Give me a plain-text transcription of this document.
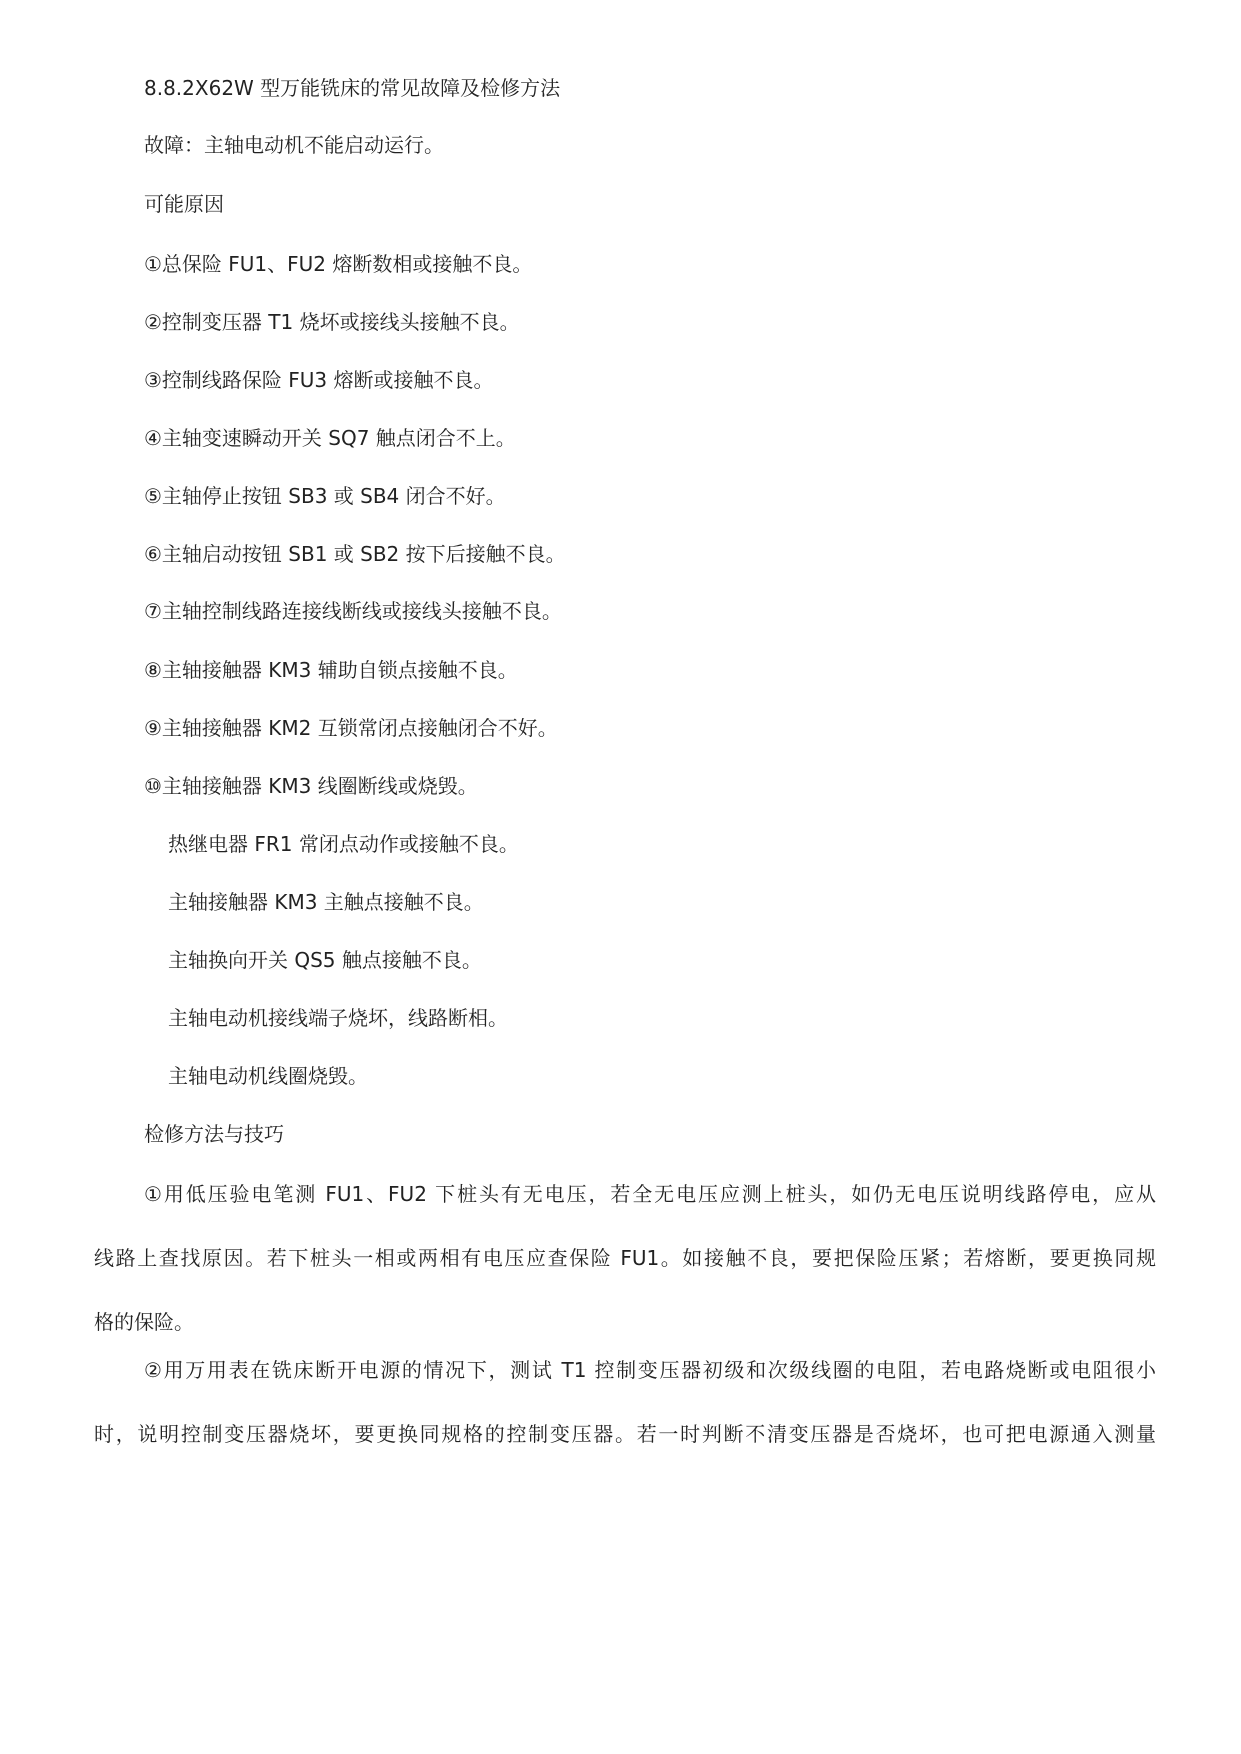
8.8.2X62W 型万能铣床的常见故障及检修方法
故障：主轴电动机不能启动运行。
可能原因
①总保险 FU1、FU2 熔断数相或接触不良。
②控制变压器 T1 烧坏或接线头接触不良。
③控制线路保险 FU3 熔断或接触不良。
④主轴变速瞬动开关 SQ7 触点闭合不上。
⑤主轴停止按钮 SB3 或 SB4 闭合不好。
⑥主轴启动按钮 SB1 或 SB2 按下后接触不良。
⑦主轴控制线路连接线断线或接线头接触不良。
⑧主轴接触器 KM3 辅助自锁点接触不良。
⑨主轴接触器 KM2 互锁常闭点接触闭合不好。
⑩主轴接触器 KM3 线圈断线或烧毁。
热继电器 FR1 常闭点动作或接触不良。
主轴接触器 KM3 主触点接触不良。
主轴换向开关 QS5 触点接触不良。
主轴电动机接线端子烧坏，线路断相。
主轴电动机线圈烧毁。
检修方法与技巧
①用低压验电笔测 FU1、FU2 下桩头有无电压，若全无电压应测上桩头，如仍无电压说明线路停电，应从
线路上查找原因。若下桩头一相或两相有电压应查保险 FU1。如接触不良，要把保险压紧；若熔断，要更换同规
格的保险。
②用万用表在铣床断开电源的情况下，测试 T1 控制变压器初级和次级线圈的电阻，若电路烧断或电阻很小
时，说明控制变压器烧坏，要更换同规格的控制变压器。若一时判断不清变压器是否烧坏，也可把电源通入测量
